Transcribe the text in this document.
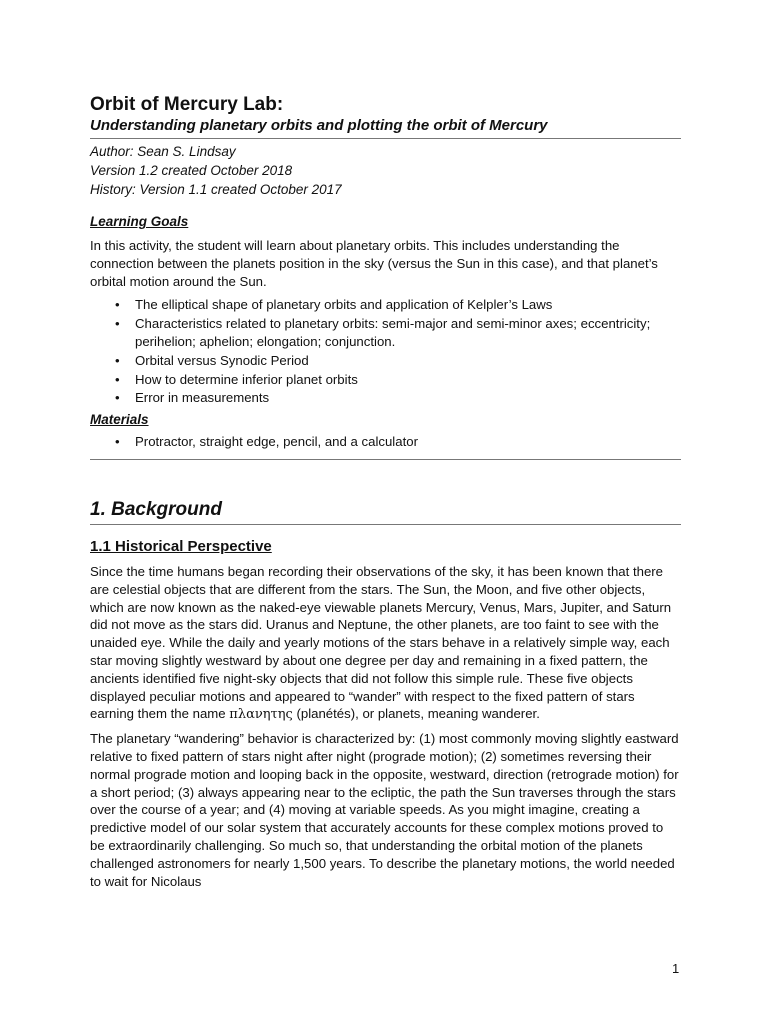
Orbit of Mercury Lab:
Understanding planetary orbits and plotting the orbit of Mercury
Author: Sean S. Lindsay
Version 1.2 created October 2018
History: Version 1.1 created October 2017
Learning Goals

In this activity, the student will learn about planetary orbits. This includes understanding the connection between the planets position in the sky (versus the Sun in this case), and that planet’s orbital motion around the Sun.

• The elliptical shape of planetary orbits and application of Kelpler’s Laws
• Characteristics related to planetary orbits: semi-major and semi-minor axes; eccentricity; perihelion; aphelion; elongation; conjunction.
• Orbital versus Synodic Period
• How to determine inferior planet orbits
• Error in measurements
Materials
• Protractor, straight edge, pencil, and a calculator
1. Background
1.1 Historical Perspective

Since the time humans began recording their observations of the sky, it has been known that there are celestial objects that are different from the stars. The Sun, the Moon, and five other objects, which are now known as the naked-eye viewable planets Mercury, Venus, Mars, Jupiter, and Saturn did not move as the stars did. Uranus and Neptune, the other planets, are too faint to see with the unaided eye. While the daily and yearly motions of the stars behave in a relatively simple way, each star moving slightly westward by about one degree per day and remaining in a fixed pattern, the ancients identified five night-sky objects that did not follow this simple rule. These five objects displayed peculiar motions and appeared to “wander” with respect to the fixed pattern of stars earning them the name πλανητης (planétés), or planets, meaning wanderer.

The planetary “wandering” behavior is characterized by: (1) most commonly moving slightly eastward relative to fixed pattern of stars night after night (prograde motion); (2) sometimes reversing their normal prograde motion and looping back in the opposite, westward, direction (retrograde motion) for a short period; (3) always appearing near to the ecliptic, the path the Sun traverses through the stars over the course of a year; and (4) moving at variable speeds. As you might imagine, creating a predictive model of our solar system that accurately accounts for these complex motions proved to be extraordinarily challenging. So much so, that understanding the orbital motion of the planets challenged astronomers for nearly 1,500 years. To describe the planetary motions, the world needed to wait for Nicolaus

1
